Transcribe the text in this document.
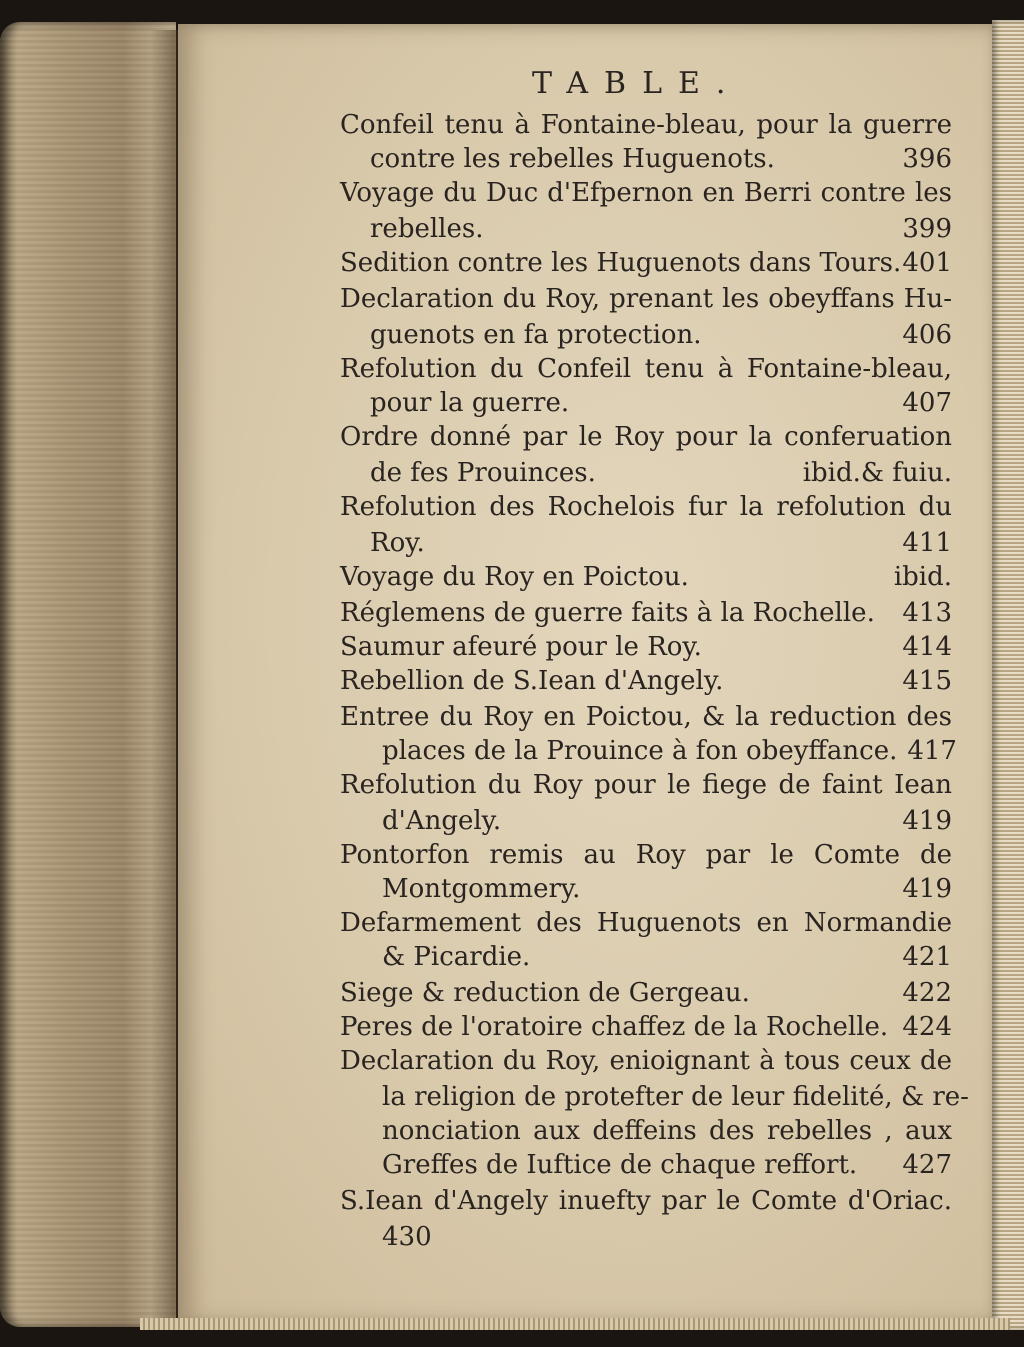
TABLE.
Confeil tenu à Fontaine-bleau, pour la guerre
contre les rebelles Huguenots.	396
Voyage du Duc d'Efpernon en Berri contre les
rebelles.	399
Sedition contre les Huguenots dans Tours. 401
Declaration du Roy, prenant les obeyffans Hu-
guenots en fa protection.	406
Refolution du Confeil tenu à Fontaine-bleau,
pour la guerre.	407
Ordre donné par le Roy pour la conferuation
de fes Prouinces.	ibid.& fuiu.
Refolution des Rochelois fur la refolution du
Roy.	411
Voyage du Roy en Poictou.	ibid.
Réglemens de guerre faits à la Rochelle. 413
Saumur afeuré pour le Roy.	414
Rebellion de S.Iean d'Angely.	415
Entree du Roy en Poictou, & la reduction des
places de la Prouince à fon obeyffance. 417
Refolution du Roy pour le fiege de faint Iean
d'Angely.	419
Pontorfon remis au Roy par le Comte de
Montgommery.	419
Defarmement des Huguenots en Normandie
& Picardie.	421
Siege & reduction de Gergeau.	422
Peres de l'oratoire chaffez de la Rochelle. 424
Declaration du Roy, enioignant à tous ceux de
la religion de protefter de leur fidelité, & re-
nonciation aux deffeins des rebelles , aux
Greffes de Iuftice de chaque reffort.	427
S.Iean d'Angely inuefty par le Comte d'Oriac.
430
